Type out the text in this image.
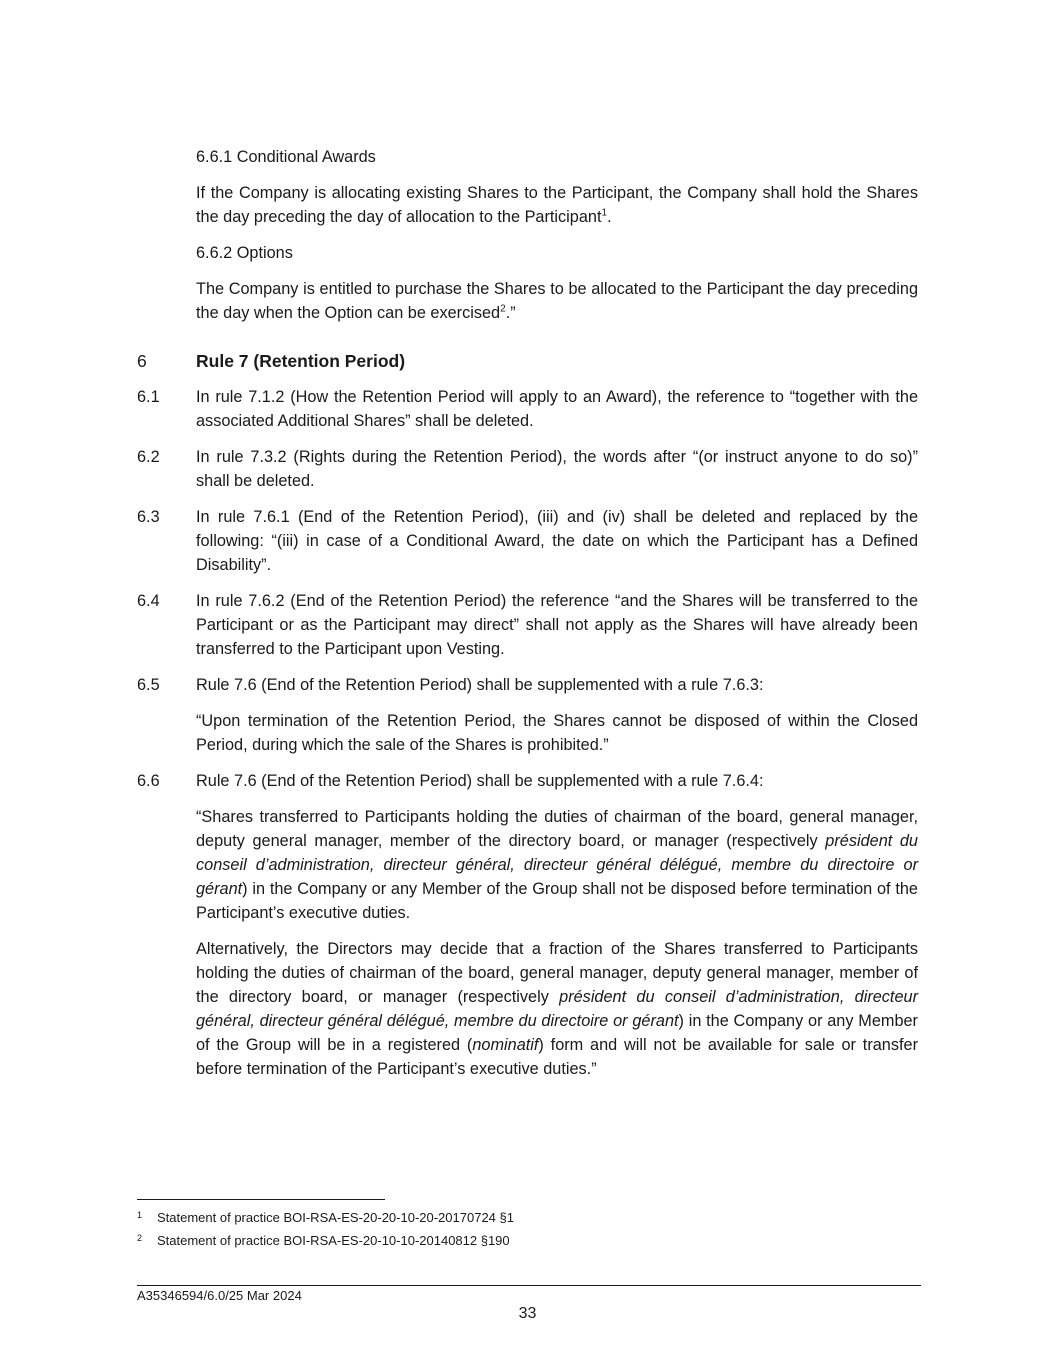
6.6.1 Conditional Awards

If the Company is allocating existing Shares to the Participant, the Company shall hold the Shares the day preceding the day of allocation to the Participant$^1$.

6.6.2 Options

The Company is entitled to purchase the Shares to be allocated to the Participant the day preceding the day when the Option can be exercised$^2$.”

6	Rule 7 (Retention Period)
6.1	In rule 7.1.2 (How the Retention Period will apply to an Award), the reference to “together with the associated Additional Shares” shall be deleted.
6.2	In rule 7.3.2 (Rights during the Retention Period), the words after “(or instruct anyone to do so)” shall be deleted.
6.3	In rule 7.6.1 (End of the Retention Period), (iii) and (iv) shall be deleted and replaced by the following: “(iii) in case of a Conditional Award, the date on which the Participant has a Defined Disability”.
6.4	In rule 7.6.2 (End of the Retention Period) the reference “and the Shares will be transferred to the Participant or as the Participant may direct” shall not apply as the Shares will have already been transferred to the Participant upon Vesting.
6.5	Rule 7.6 (End of the Retention Period) shall be supplemented with a rule 7.6.3:

“Upon termination of the Retention Period, the Shares cannot be disposed of within the Closed Period, during which the sale of the Shares is prohibited.”

6.6	Rule 7.6 (End of the Retention Period) shall be supplemented with a rule 7.6.4:

“Shares transferred to Participants holding the duties of chairman of the board, general manager, deputy general manager, member of the directory board, or manager (respectively président du conseil d’administration, directeur général, directeur général délégué, membre du directoire or gérant) in the Company or any Member of the Group shall not be disposed before termination of the Participant’s executive duties.

Alternatively, the Directors may decide that a fraction of the Shares transferred to Participants holding the duties of chairman of the board, general manager, deputy general manager, member of the directory board, or manager (respectively président du conseil d’administration, directeur général, directeur général délégué, membre du directoire or gérant) in the Company or any Member of the Group will be in a registered (nominatif) form and will not be available for sale or transfer before termination of the Participant’s executive duties.”

1	Statement of practice BOI-RSA-ES-20-20-10-20-20170724 §1
2	Statement of practice BOI-RSA-ES-20-10-10-20140812 §190
A35346594/6.0/25 Mar 2024
33
